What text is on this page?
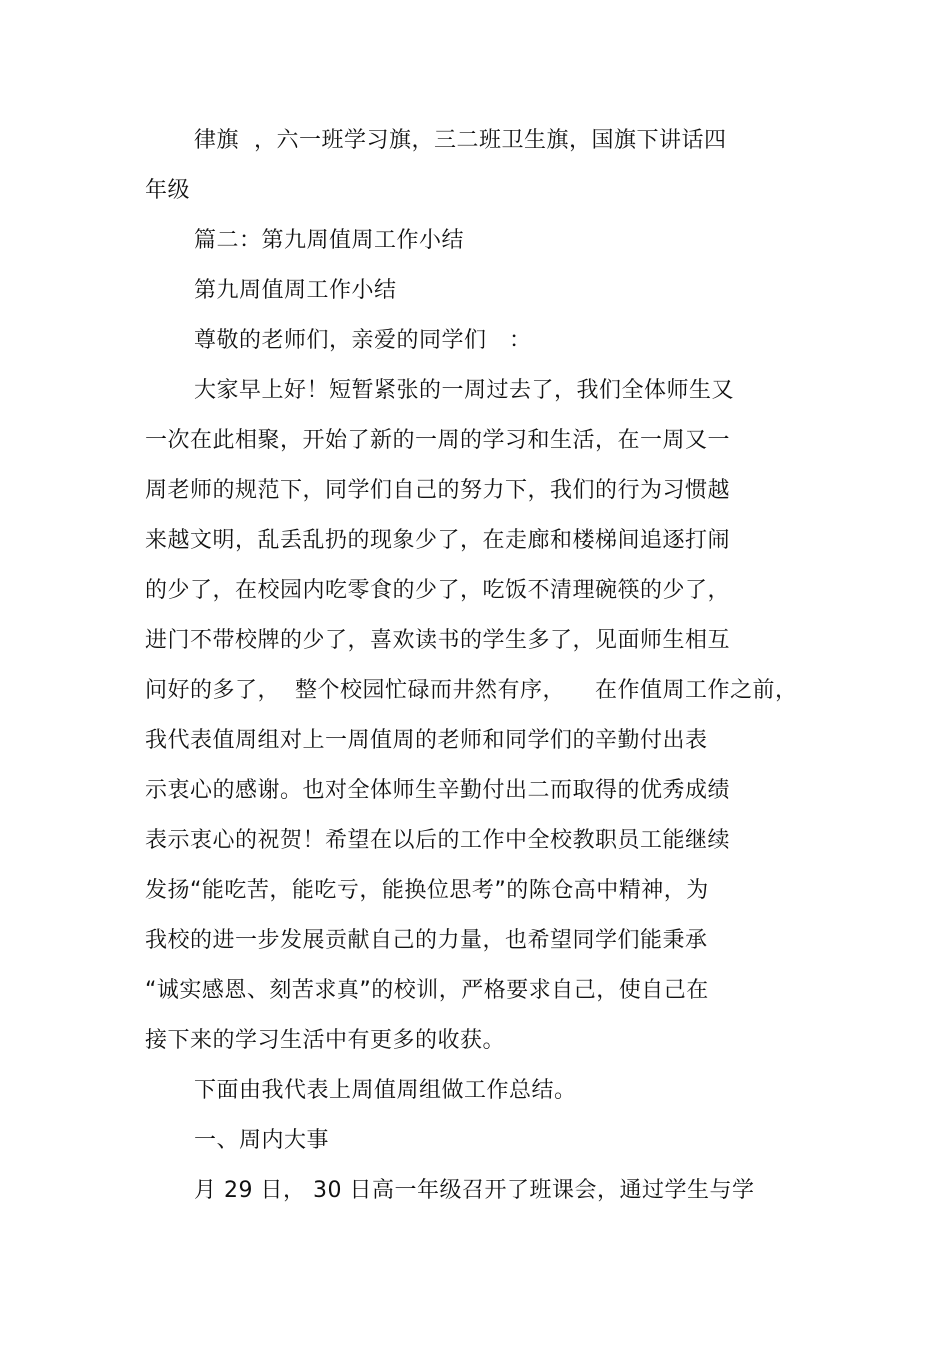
律旗  ，六一班学习旗，三二班卫生旗，国旗下讲话四
年级
篇二：第九周值周工作小结
第九周值周工作小结
尊敬的老师们，亲爱的同学们   ：
大家早上好！短暂紧张的一周过去了，我们全体师生又
一次在此相聚，开始了新的一周的学习和生活，在一周又一
周老师的规范下，同学们自己的努力下，我们的行为习惯越
来越文明，乱丢乱扔的现象少了，在走廊和楼梯间追逐打闹
的少了，在校园内吃零食的少了，吃饭不清理碗筷的少了，
进门不带校牌的少了，喜欢读书的学生多了，见面师生相互
问好的多了，  整个校园忙碌而井然有序，    在作值周工作之前，
我代表值周组对上一周值周的老师和同学们的辛勤付出表
示衷心的感谢。也对全体师生辛勤付出二而取得的优秀成绩
表示衷心的祝贺！希望在以后的工作中全校教职员工能继续
发扬“能吃苦，能吃亏，能换位思考”的陈仓高中精神，为
我校的进一步发展贡献自己的力量，也希望同学们能秉承
“诚实感恩、刻苦求真”的校训，严格要求自己，使自己在
接下来的学习生活中有更多的收获。
下面由我代表上周值周组做工作总结。
一、周内大事
月 29 日， 30 日高一年级召开了班课会，通过学生与学
